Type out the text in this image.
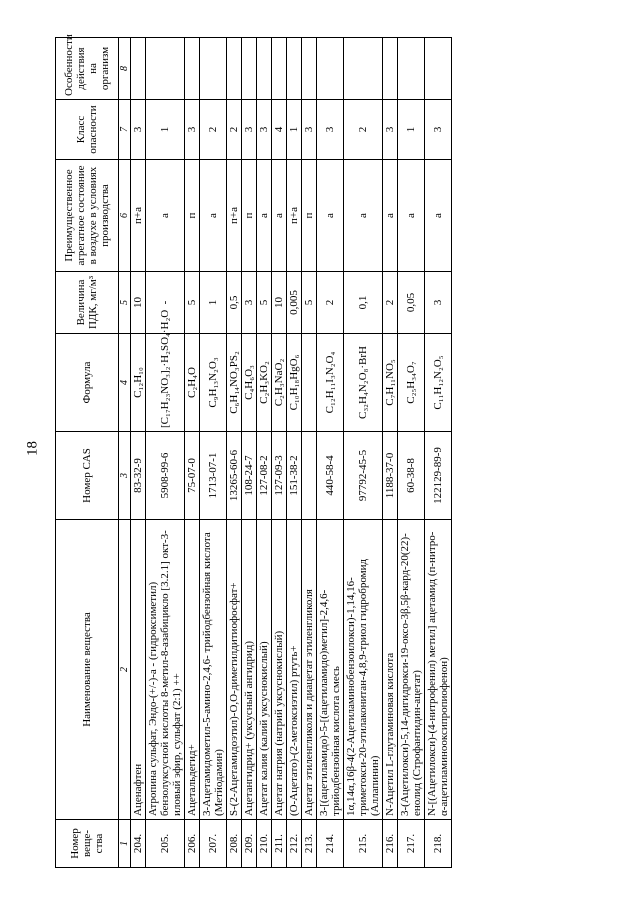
18
Номер веще-ства	Наименование вещества	Номер CAS	Формула	Величина ПДК, мг/м³	Преимущественное агрегатное состояние в воздухе в условиях производства	Класс опасности	Особенности действия на организм
1	2	3	4	5	6	7	8
204.	Аценафтен	83-32-9	C₁₂H₁₀	10	п+а	3	
205.	Атропина сульфат, Эндо-(+/-)-а - (гидроксиметил) бензолуксусной кислоты 8-метил-8-азабицикло [3.2.1] окт-3-иловый эфир, сульфат (2:1) ++	5908-99-6	[C₁₇H₂₃NO₃]₂·H₂SO₄·H₂O	-	а	1	
206.	Ацетальдегид+	75-07-0	C₂H₄O	5	п	3	
207.	3-Ацетамидометил-5-амино-2,4,6- трийодбензойная кислота (Метйодамин)	1713-07-1	C₉H₁₃N₂O₃	1	а	2	
208.	S-(2-Ацетамидоэтил)-О,О-диметилдитиофосфат+	13265-60-6	C₆H₁₄NO₃PS₂	0,5	п+а	2	
209.	Ацетангидрид+ (уксусный ангидрид)	108-24-7	C₄H₆O₃	3	п	3	
210.	Ацетат калия (калий уксуснокислый)	127-08-2	C₂H₃KO₂	5	а	3	
211.	Ацетат натрия (натрий уксуснокислый)	127-09-3	C₂H₃NaO₂	10	а	4	
212.	(О-Ацетато)-(2-метоксиэтил) ртуть+	151-38-2	C₁₀H₁₈HgO₆	0,005	п+а	1	
213.	Ацетат этиленгликоля и диацетат этиленгликоля			5	п	3	
214.	3-[(ацетиламидо)-5-[(ацетиламидо)метил]-2,4,6-трийодбензойная кислота смесь	440-58-4	C₁₂H₁₁I₃N₂O₄	2	а	3	
215.	1α,14α,16β-4(2-Ацетиламинобензоилокси)-1,14,16-триметокси-20-этилаконитан-4,8,9-триол гидробромид (Аллапинин)	97792-45-5	C₃₂H₄N₂O₈·BrH	0,1	а	2	
216.	N-Ацетил L-глутаминовая кислота	1188-37-0	C₇H₁₁NO₅	2	а	3	
217.	3-(Ацетилокси)-5,14-дигидрокси-19-оксо-3β,5β-кард-20(22)-енолид (Строфантидин-ацетат)	60-38-8	C₂₅H₃₄O₇	0,05	а	1	
218.	N-[(Ацетилокси)-(4-нитрофенил) метил] ацетамид (п-нитро-α-ацетиламинооксипропиофенон)	122129-89-9	C₁₁H₁₂N₂O₅	3	а	3	
